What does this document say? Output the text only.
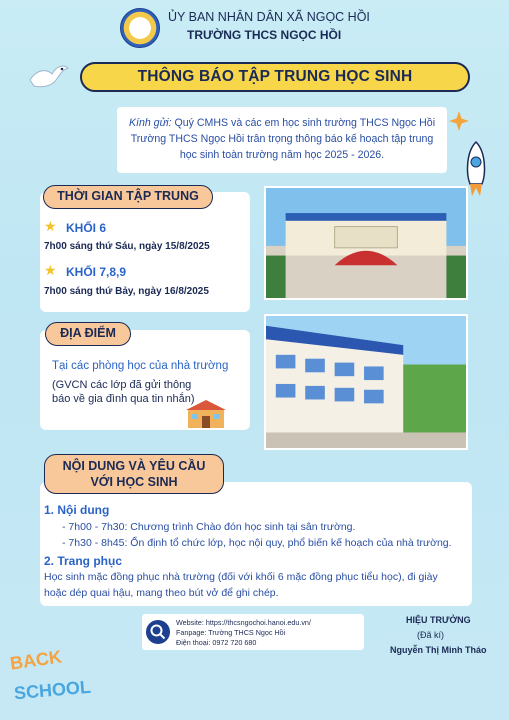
ỦY BAN NHÂN DÂN XÃ NGỌC HỒI
TRƯỜNG THCS NGỌC HỒI
THÔNG BÁO TẬP TRUNG HỌC SINH

Kính gửi: Quý CMHS và các em học sinh trường THCS Ngọc Hồi
Trường THCS Ngọc Hồi trân trọng thông báo kế hoạch tập trung
học sinh toàn trường năm học 2025 - 2026.

THỜI GIAN TẬP TRUNG
★ KHỐI 6
7h00 sáng thứ Sáu, ngày 15/8/2025
★ KHỐI 7,8,9
7h00 sáng thứ Bảy, ngày 16/8/2025
ĐỊA ĐIỂM
Tại các phòng học của nhà trường
(GVCN các lớp đã gửi thông báo về gia đình qua tin nhắn)
NỘI DUNG VÀ YÊU CẦU
VỚI HỌC SINH
1. Nội dung
- 7h00 - 7h30: Chương trình Chào đón học sinh tại sân trường.
- 7h30 - 8h45: Ổn định tổ chức lớp, học nội quy, phổ biến kế hoạch của nhà trường.
2. Trang phục
Học sinh mặc đồng phục nhà trường (đối với khối 6 mặc đồng phục tiểu học), đi giày
hoặc dép quai hậu, mang theo bút vở để ghi chép.
Website: https://thcsngochoi.hanoi.edu.vn/
Fanpage: Trường THCS Ngọc Hồi
Điện thoại: 0972 720 680
HIỆU TRƯỞNG
(Đã kí)
Nguyễn Thị Minh Tháo
BACK
SCHOOL
